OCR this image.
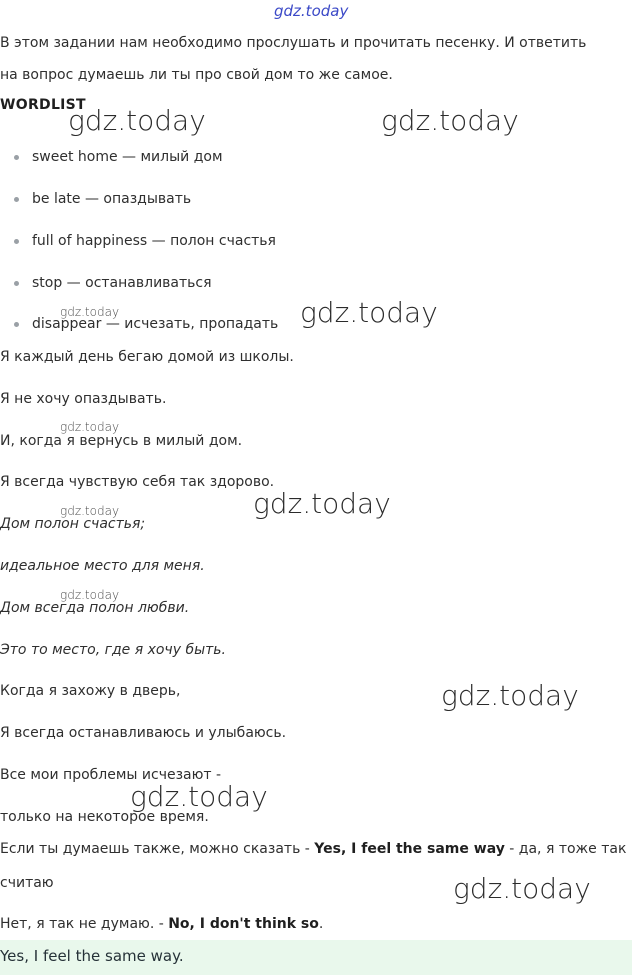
gdz.today
В этом задании нам необходимо прослушать и прочитать песенку. И ответить
на вопрос думаешь ли ты про свой дом то же самое.
WORDLIST
sweet home — милый дом
be late — опаздывать
full of happiness — полон счастья
stop — останавливаться
disappear — исчезать, пропадать
Я каждый день бегаю домой из школы.
Я не хочу опаздывать.
И, когда я вернусь в милый дом.
Я всегда чувствую себя так здорово.
Дом полон счастья;
идеальное место для меня.
Дом всегда полон любви.
Это то место, где я хочу быть.
Когда я захожу в дверь,
Я всегда останавливаюсь и улыбаюсь.
Все мои проблемы исчезают -
только на некоторое время.
Если ты думаешь также, можно сказать - Yes, I feel the same way - да, я тоже так
считаю
Нет, я так не думаю. - No, I don't think so.
Yes, I feel the same way.
gdz.today	gdz.today
gdz.today	gdz.today
gdz.today
gdz.today	gdz.today
gdz.today
gdz.today
gdz.today
gdz.today
